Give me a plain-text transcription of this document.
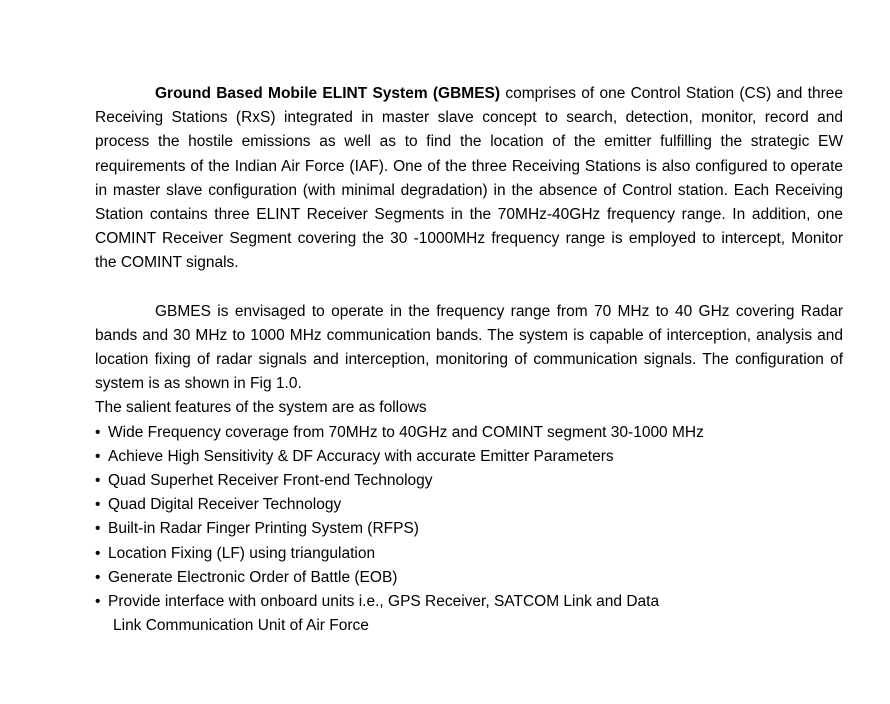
Ground Based Mobile ELINT System (GBMES) comprises of one Control Station (CS) and three Receiving Stations (RxS) integrated in master slave concept to search, detection, monitor, record and process the hostile emissions as well as to find the location of the emitter fulfilling the strategic EW requirements of the Indian Air Force (IAF). One of the three Receiving Stations is also configured to operate in master slave configuration (with minimal degradation) in the absence of Control station. Each Receiving Station contains three ELINT Receiver Segments in the 70MHz-40GHz frequency range. In addition, one COMINT Receiver Segment covering the 30 -1000MHz frequency range is employed to intercept, Monitor the COMINT signals.

GBMES is envisaged to operate in the frequency range from 70 MHz to 40 GHz covering Radar bands and 30 MHz to 1000 MHz communication bands. The system is capable of interception, analysis and location fixing of radar signals and interception, monitoring of communication signals. The configuration of system is as shown in Fig 1.0.

The salient features of the system are as follows

• Wide Frequency coverage from 70MHz to 40GHz and COMINT segment 30-1000 MHz
• Achieve High Sensitivity & DF Accuracy with accurate Emitter Parameters
• Quad Superhet Receiver Front-end Technology
• Quad Digital Receiver Technology
• Built-in Radar Finger Printing System (RFPS)
• Location Fixing (LF) using triangulation
• Generate Electronic Order of Battle (EOB)
• Provide interface with onboard units i.e., GPS Receiver, SATCOM Link and Data
Link Communication Unit of Air Force
